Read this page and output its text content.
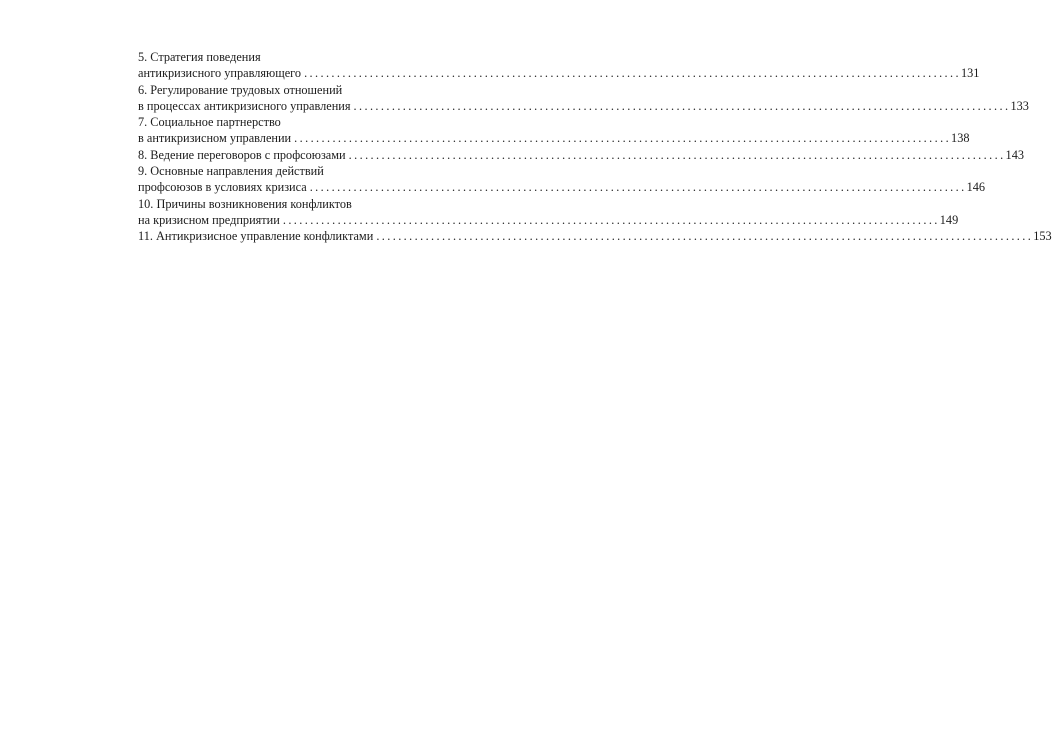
5. Стратегия поведения
антикризисного управляющего ........................................................................................................................ 131
6. Регулирование трудовых отношений
в процессах антикризисного управления ........................................................................................................................ 133
7. Социальное партнерство
в антикризисном управлении ........................................................................................................................ 138
8. Ведение переговоров с профсоюзами ........................................................................................................................ 143
9. Основные направления действий
профсоюзов в условиях кризиса ........................................................................................................................ 146
10. Причины возникновения конфликтов
на кризисном предприятии ........................................................................................................................ 149
11. Антикризисное управление конфликтами ........................................................................................................................ 153
